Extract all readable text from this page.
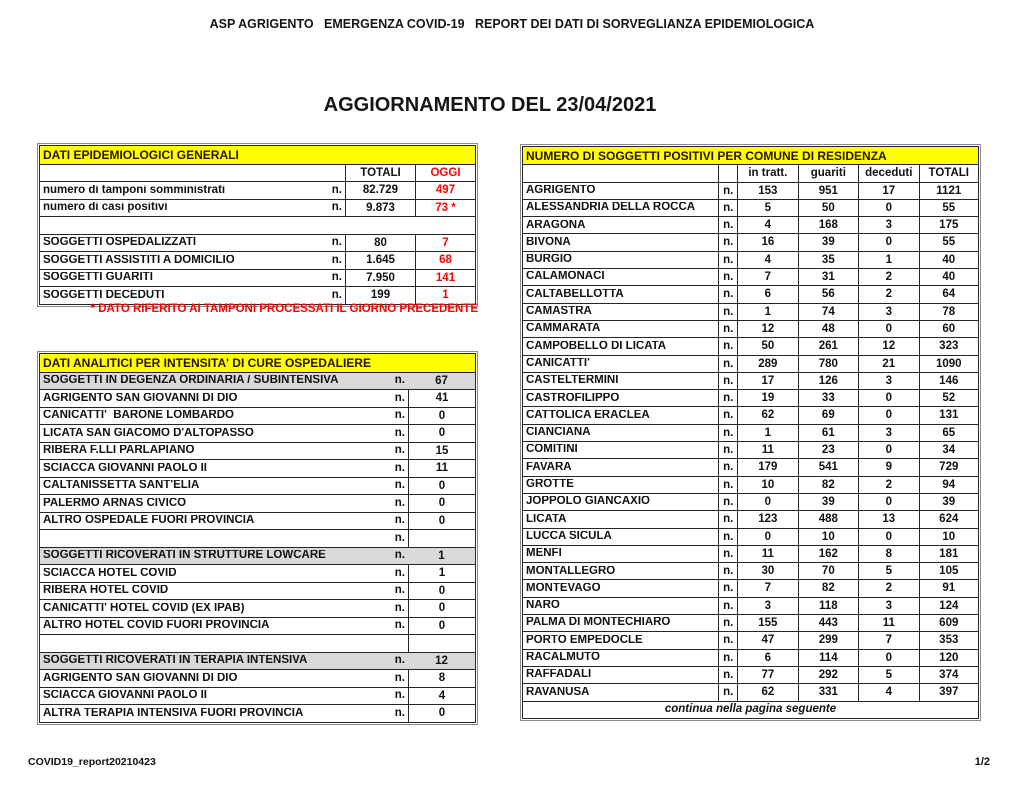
ASP AGRIGENTO   EMERGENZA COVID-19   REPORT DEI DATI DI SORVEGLIANZA EPIDEMIOLOGICA
AGGIORNAMENTO DEL 23/04/2021
DATI EPIDEMIOLOGICI GENERALI
TOTALI	OGGI
numero di tamponi somministrati	n.	82.729	497
numero di casi positivi	n.	9.873	73 *
SOGGETTI OSPEDALIZZATI	n.	80	7
SOGGETTI ASSISTITI A DOMICILIO	n.	1.645	68
SOGGETTI GUARITI	n.	7.950	141
SOGGETTI DECEDUTI	n.	199	1
* DATO RIFERITO AI TAMPONI PROCESSATI IL GIORNO PRECEDENTE
DATI ANALITICI PER INTENSITA' DI CURE OSPEDALIERE
SOGGETTI IN DEGENZA ORDINARIA / SUBINTENSIVA	n.	67
AGRIGENTO SAN GIOVANNI DI DIO	n.	41
CANICATTI'  BARONE LOMBARDO	n.	0
LICATA SAN GIACOMO D'ALTOPASSO	n.	0
RIBERA F.LLI PARLAPIANO	n.	15
SCIACCA GIOVANNI PAOLO II	n.	11
CALTANISSETTA SANT'ELIA	n.	0
PALERMO ARNAS CIVICO	n.	0
ALTRO OSPEDALE FUORI PROVINCIA	n.	0
n.
SOGGETTI RICOVERATI IN STRUTTURE LOWCARE	n.	1
SCIACCA HOTEL COVID	n.	1
RIBERA HOTEL COVID	n.	0
CANICATTI' HOTEL COVID (EX IPAB)	n.	0
ALTRO HOTEL COVID FUORI PROVINCIA	n.	0
SOGGETTI RICOVERATI IN TERAPIA INTENSIVA	n.	12
AGRIGENTO SAN GIOVANNI DI DIO	n.	8
SCIACCA GIOVANNI PAOLO II	n.	4
ALTRA TERAPIA INTENSIVA FUORI PROVINCIA	n.	0
NUMERO DI SOGGETTI POSITIVI PER COMUNE DI RESIDENZA
in tratt.	guariti	deceduti	TOTALI
AGRIGENTO	n.	153	951	17	1121
ALESSANDRIA DELLA ROCCA	n.	5	50	0	55
ARAGONA	n.	4	168	3	175
BIVONA	n.	16	39	0	55
BURGIO	n.	4	35	1	40
CALAMONACI	n.	7	31	2	40
CALTABELLOTTA	n.	6	56	2	64
CAMASTRA	n.	1	74	3	78
CAMMARATA	n.	12	48	0	60
CAMPOBELLO DI LICATA	n.	50	261	12	323
CANICATTI'	n.	289	780	21	1090
CASTELTERMINI	n.	17	126	3	146
CASTROFILIPPO	n.	19	33	0	52
CATTOLICA ERACLEA	n.	62	69	0	131
CIANCIANA	n.	1	61	3	65
COMITINI	n.	11	23	0	34
FAVARA	n.	179	541	9	729
GROTTE	n.	10	82	2	94
JOPPOLO GIANCAXIO	n.	0	39	0	39
LICATA	n.	123	488	13	624
LUCCA SICULA	n.	0	10	0	10
MENFI	n.	11	162	8	181
MONTALLEGRO	n.	30	70	5	105
MONTEVAGO	n.	7	82	2	91
NARO	n.	3	118	3	124
PALMA DI MONTECHIARO	n.	155	443	11	609
PORTO EMPEDOCLE	n.	47	299	7	353
RACALMUTO	n.	6	114	0	120
RAFFADALI	n.	77	292	5	374
RAVANUSA	n.	62	331	4	397
continua nella pagina seguente
COVID19_report20210423	1/2
